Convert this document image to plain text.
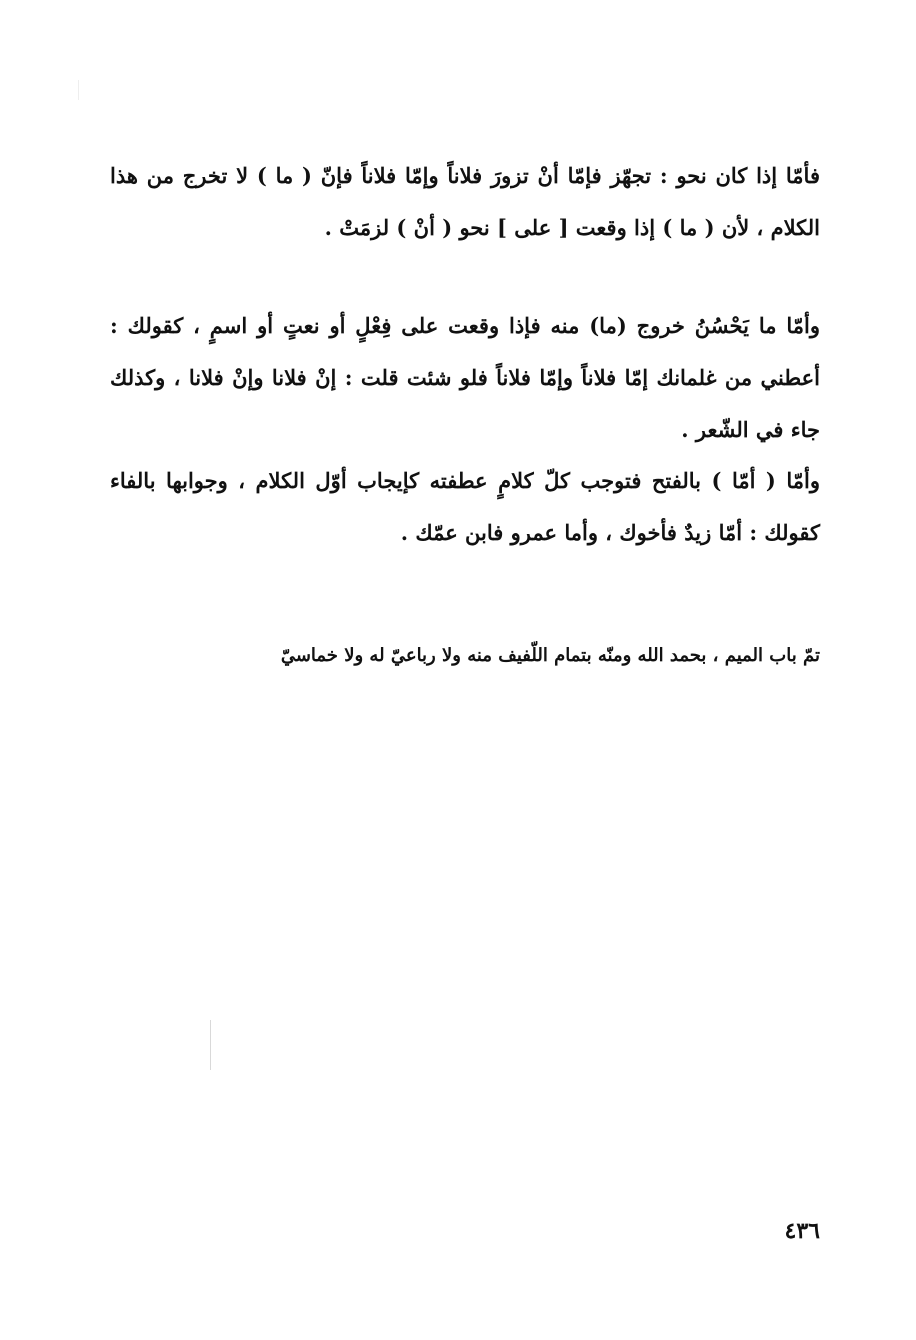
فأمّا إذا كان نحو : تجهّز فإمّا أنْ تزورَ فلاناً وإمّا فلاناً فإنّ ( ما ) لا تخرج من هذا الكلام ، لأن ( ما ) إذا وقعت [ على ] نحو ( أنْ ) لزمَتْ .

وأمّا ما يَحْسُنُ خروج (ما) منه فإذا وقعت على فِعْلٍ أو نعتٍ أو اسمٍ ، كقولك : أعطني من غلمانك إمّا فلاناً وإمّا فلاناً فلو شئت قلت : إنْ فلانا وإنْ فلانا ، وكذلك جاء في الشّعر .

وأمّا ( أمّا ) بالفتح فتوجب كلّ كلامٍ عطفته كإيجاب أوّل الكلام ، وجوابها بالفاء كقولك : أمّا زيدٌ فأخوك ، وأما عمرو فابن عمّك .

تمّ باب الميم ، بحمد الله ومنّه بتمام اللّفيف منه ولا رباعيّ له ولا خماسيّ

٤٣٦
